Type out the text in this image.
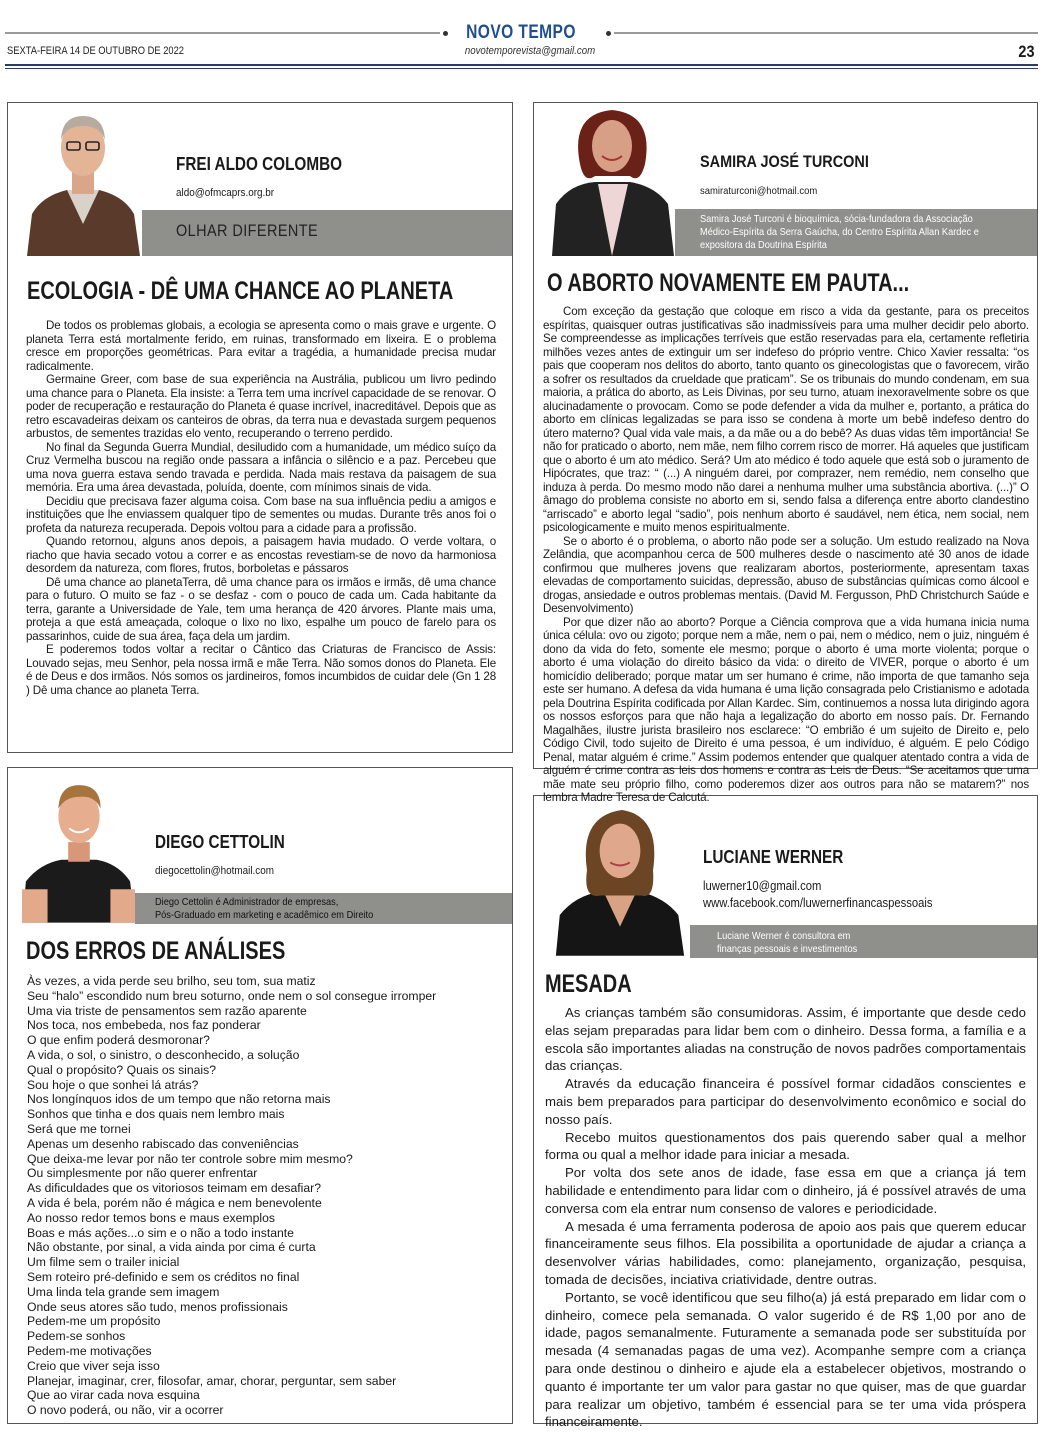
NOVO TEMPO
SEXTA-FEIRA 14 DE OUTUBRO DE 2022	novotemporevista@gmail.com	23
FREI ALDO COLOMBO
aldo@ofmcaprs.org.br
OLHAR DIFERENTE
ECOLOGIA - DÊ UMA CHANCE AO PLANETA

De todos os problemas globais, a ecologia se apresenta como o mais grave e urgente. O planeta Terra está mortalmente ferido, em ruinas, transformado em lixeira. E o problema cresce em proporções geométricas. Para evitar a tragédia, a humanidade precisa mudar radicalmente.

Germaine Greer, com base de sua experiência na Austrália, publicou um livro pedindo uma chance para o Planeta. Ela insiste: a Terra tem uma incrível capacidade de se renovar. O poder de recuperação e restauração do Planeta é quase incrível, inacreditável. Depois que as retro escavadeiras deixam os canteiros de obras, da terra nua e devastada surgem pequenos arbustos, de sementes trazidas elo vento, recuperando o terreno perdido.

No final da Segunda Guerra Mundial, desiludido com a humanidade, um médico suíço da Cruz Vermelha buscou na região onde passara a infância o silêncio e a paz. Percebeu que uma nova guerra estava sendo travada e perdida. Nada mais restava da paisagem de sua memória. Era uma área devastada, poluída, doente, com mínimos sinais de vida.

Decidiu que precisava fazer alguma coisa. Com base na sua influência pediu a amigos e instituições que lhe enviassem qualquer tipo de sementes ou mudas. Durante três anos foi o profeta da natureza recuperada. Depois voltou para a cidade para a profissão.

Quando retornou, alguns anos depois, a paisagem havia mudado. O verde voltara, o riacho que havia secado votou a correr e as encostas revestiam-se de novo da harmoniosa desordem da natureza, com flores, frutos, borboletas e pássaros

Dê uma chance ao planetaTerra, dê uma chance para os irmãos e irmãs, dê uma chance para o futuro. O muito se faz - o se desfaz - com o pouco de cada um. Cada habitante da terra, garante a Universidade de Yale, tem uma herança de 420 árvores. Plante mais uma, proteja a que está ameaçada, coloque o lixo no lixo, espalhe um pouco de farelo para os passarinhos, cuide de sua área, faça dela um jardim.

E poderemos todos voltar a recitar o Cântico das Criaturas de Francisco de Assis: Louvado sejas, meu Senhor, pela nossa irmã e mãe Terra. Não somos donos do Planeta. Ele é de Deus e dos irmãos. Nós somos os jardineiros, fomos incumbidos de cuidar dele (Gn 1 28 ) Dê uma chance ao planeta Terra.

SAMIRA JOSÉ TURCONI
samiraturconi@hotmail.com
Samira José Turconi é bioquímica, sócia-fundadora da Associação
Médico-Espírita da Serra Gaúcha, do Centro Espírita Allan Kardec e
expositora da Doutrina Espírita
O ABORTO NOVAMENTE EM PAUTA...

Com exceção da gestação que coloque em risco a vida da gestante, para os preceitos espíritas, quaisquer outras justificativas são inadmissíveis para uma mulher decidir pelo aborto. Se compreendesse as implicações terríveis que estão reservadas para ela, certamente refletiria milhões vezes antes de extinguir um ser indefeso do próprio ventre. Chico Xavier ressalta: “os pais que cooperam nos delitos do aborto, tanto quanto os ginecologistas que o favorecem, virão a sofrer os resultados da crueldade que praticam”. Se os tribunais do mundo condenam, em sua maioria, a prática do aborto, as Leis Divinas, por seu turno, atuam inexoravelmente sobre os que alucinadamente o provocam. Como se pode defender a vida da mulher e, portanto, a prática do aborto em clínicas legalizadas se para isso se condena à morte um bebê indefeso dentro do útero materno? Qual vida vale mais, a da mãe ou a do bebê? As duas vidas têm importância! Se não for praticado o aborto, nem mãe, nem filho correm risco de morrer. Há aqueles que justificam que o aborto é um ato médico. Será? Um ato médico é todo aquele que está sob o juramento de Hipócrates, que traz: “ (...) A ninguém darei, por comprazer, nem remédio, nem conselho que induza à perda. Do mesmo modo não darei a nenhuma mulher uma substância abortiva. (...)” O âmago do problema consiste no aborto em si, sendo falsa a diferença entre aborto clandestino “arriscado” e aborto legal “sadio”, pois nenhum aborto é saudável, nem ética, nem social, nem psicologicamente e muito menos espiritualmente.

Se o aborto é o problema, o aborto não pode ser a solução. Um estudo realizado na Nova Zelândia, que acompanhou cerca de 500 mulheres desde o nascimento até 30 anos de idade confirmou que mulheres jovens que realizaram abortos, posteriormente, apresentam taxas elevadas de comportamento suicidas, depressão, abuso de substâncias químicas como álcool e drogas, ansiedade e outros problemas mentais. (David M. Fergusson, PhD Christchurch Saúde e Desenvolvimento)

Por que dizer não ao aborto? Porque a Ciência comprova que a vida humana inicia numa única célula: ovo ou zigoto; porque nem a mãe, nem o pai, nem o médico, nem o juiz, ninguém é dono da vida do feto, somente ele mesmo; porque o aborto é uma morte violenta; porque o aborto é uma violação do direito básico da vida: o direito de VIVER, porque o aborto é um homicídio deliberado; porque matar um ser humano é crime, não importa de que tamanho seja este ser humano. A defesa da vida humana é uma lição consagrada pelo Cristianismo e adotada pela Doutrina Espírita codificada por Allan Kardec. Sim, continuemos a nossa luta dirigindo agora os nossos esforços para que não haja a legalização do aborto em nosso país. Dr. Fernando Magalhães, ilustre jurista brasileiro nos esclarece: “O embrião é um sujeito de Direito e, pelo Código Civil, todo sujeito de Direito é uma pessoa, é um indivíduo, é alguém. E pelo Código Penal, matar alguém é crime.” Assim podemos entender que qualquer atentado contra a vida de alguém é crime contra as leis dos homens e contra as Leis de Deus. “Se aceitamos que uma mãe mate seu próprio filho, como poderemos dizer aos outros para não se matarem?” nos lembra Madre Teresa de Calcutá.

DIEGO CETTOLIN
diegocettolin@hotmail.com
Diego Cettolin é Administrador de empresas,
Pós-Graduado em marketing e acadêmico em Direito
DOS ERROS DE ANÁLISES
Às vezes, a vida perde seu brilho, seu tom, sua matiz
Seu “halo” escondido num breu soturno, onde nem o sol consegue irromper
Uma via triste de pensamentos sem razão aparente
Nos toca, nos embebeda, nos faz ponderar
O que enfim poderá desmoronar?
A vida, o sol, o sinistro, o desconhecido, a solução
Qual o propósito? Quais os sinais?
Sou hoje o que sonhei lá atrás?
Nos longínquos idos de um tempo que não retorna mais
Sonhos que tinha e dos quais nem lembro mais
Será que me tornei
Apenas um desenho rabiscado das conveniências
Que deixa-me levar por não ter controle sobre mim mesmo?
Ou simplesmente por não querer enfrentar
As dificuldades que os vitoriosos teimam em desafiar?
A vida é bela, porém não é mágica e nem benevolente
Ao nosso redor temos bons e maus exemplos
Boas e más ações...o sim e o não a todo instante
Não obstante, por sinal, a vida ainda por cima é curta
Um filme sem o trailer inicial
Sem roteiro pré-definido e sem os créditos no final
Uma linda tela grande sem imagem
Onde seus atores são tudo, menos profissionais
Pedem-me um propósito
Pedem-se sonhos
Pedem-me motivações
Creio que viver seja isso
Planejar, imaginar, crer, filosofar, amar, chorar, perguntar, sem saber
Que ao virar cada nova esquina
O novo poderá, ou não, vir a ocorrer
LUCIANE WERNER
luwerner10@gmail.com
www.facebook.com/luwernerfinancaspessoais
Luciane Werner é consultora em
finanças pessoais e investimentos
MESADA

As crianças também são consumidoras. Assim, é importante que desde cedo elas sejam preparadas para lidar bem com o dinheiro. Dessa forma, a família e a escola são importantes aliadas na construção de novos padrões comportamentais das crianças.

Através da educação financeira é possível formar cidadãos conscientes e mais bem preparados para participar do desenvolvimento econômico e social do nosso país.

Recebo muitos questionamentos dos pais querendo saber qual a melhor forma ou qual a melhor idade para iniciar a mesada.

Por volta dos sete anos de idade, fase essa em que a criança já tem habilidade e entendimento para lidar com o dinheiro, já é possível através de uma conversa com ela entrar num consenso de valores e periodicidade.

A mesada é uma ferramenta poderosa de apoio aos pais que querem educar financeiramente seus filhos. Ela possibilita a oportunidade de ajudar a criança a desenvolver várias habilidades, como: planejamento, organização, pesquisa, tomada de decisões, inciativa criatividade, dentre outras.

Portanto, se você identificou que seu filho(a) já está preparado em lidar com o dinheiro, comece pela semanada. O valor sugerido é de R$ 1,00 por ano de idade, pagos semanalmente. Futuramente a semanada pode ser substituída por mesada (4 semanadas pagas de uma vez). Acompanhe sempre com a criança para onde destinou o dinheiro e ajude ela a estabelecer objetivos, mostrando o quanto é importante ter um valor para gastar no que quiser, mas de que guardar para realizar um objetivo, também é essencial para se ter uma vida próspera financeiramente.
